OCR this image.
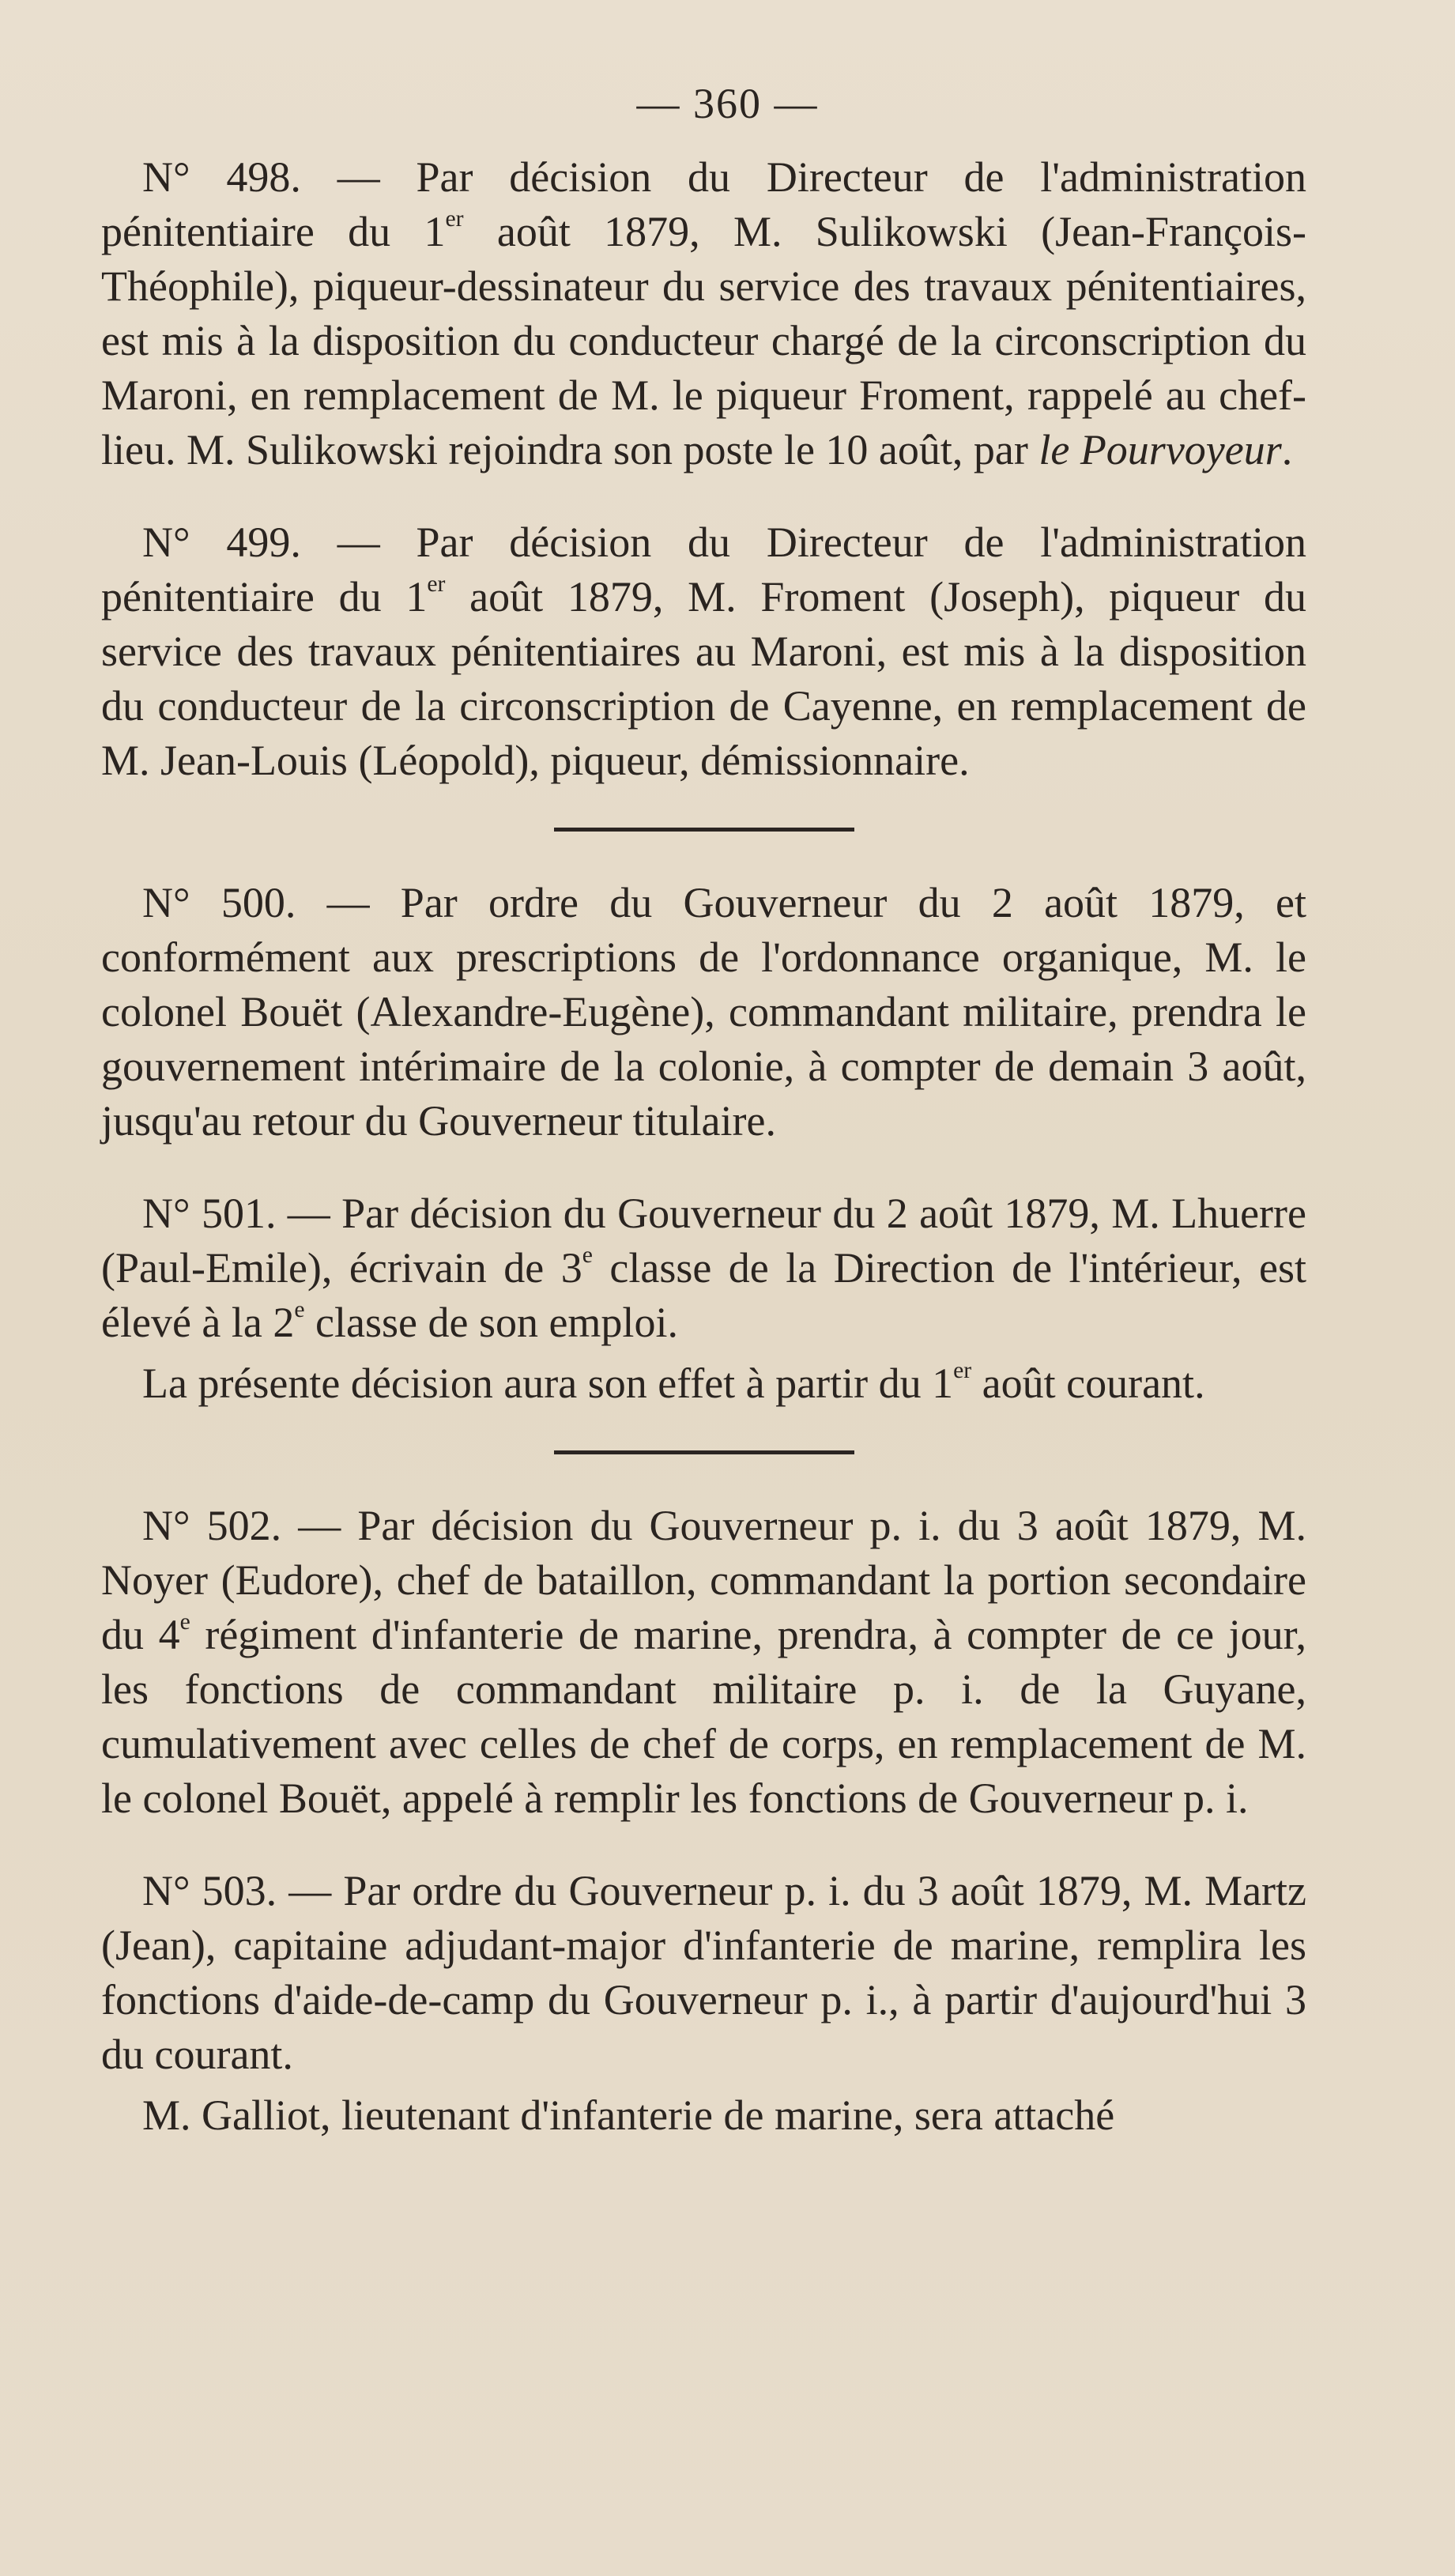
— 360 —

N° 498. — Par décision du Directeur de l'administration pénitentiaire du 1er août 1879, M. Sulikowski (Jean-François-Théophile), piqueur-dessinateur du service des travaux pénitentiaires, est mis à la disposition du conducteur chargé de la circonscription du Maroni, en remplacement de M. le piqueur Froment, rappelé au chef-lieu. M. Sulikowski rejoindra son poste le 10 août, par le Pourvoyeur.

N° 499. — Par décision du Directeur de l'administration pénitentiaire du 1er août 1879, M. Froment (Joseph), piqueur du service des travaux pénitentiaires au Maroni, est mis à la disposition du conducteur de la circonscription de Cayenne, en remplacement de M. Jean-Louis (Léopold), piqueur, démissionnaire.

N° 500. — Par ordre du Gouverneur du 2 août 1879, et conformément aux prescriptions de l'ordonnance organique, M. le colonel Bouët (Alexandre-Eugène), commandant militaire, prendra le gouvernement intérimaire de la colonie, à compter de demain 3 août, jusqu'au retour du Gouverneur titulaire.

N° 501. — Par décision du Gouverneur du 2 août 1879, M. Lhuerre (Paul-Emile), écrivain de 3e classe de la Direction de l'intérieur, est élevé à la 2e classe de son emploi.

La présente décision aura son effet à partir du 1er août courant.

N° 502. — Par décision du Gouverneur p. i. du 3 août 1879, M. Noyer (Eudore), chef de bataillon, commandant la portion secondaire du 4e régiment d'infanterie de marine, prendra, à compter de ce jour, les fonctions de commandant militaire p. i. de la Guyane, cumulativement avec celles de chef de corps, en remplacement de M. le colonel Bouët, appelé à remplir les fonctions de Gouverneur p. i.

N° 503. — Par ordre du Gouverneur p. i. du 3 août 1879, M. Martz (Jean), capitaine adjudant-major d'infanterie de marine, remplira les fonctions d'aide-de-camp du Gouverneur p. i., à partir d'aujourd'hui 3 du courant.

M. Galliot, lieutenant d'infanterie de marine, sera attaché
